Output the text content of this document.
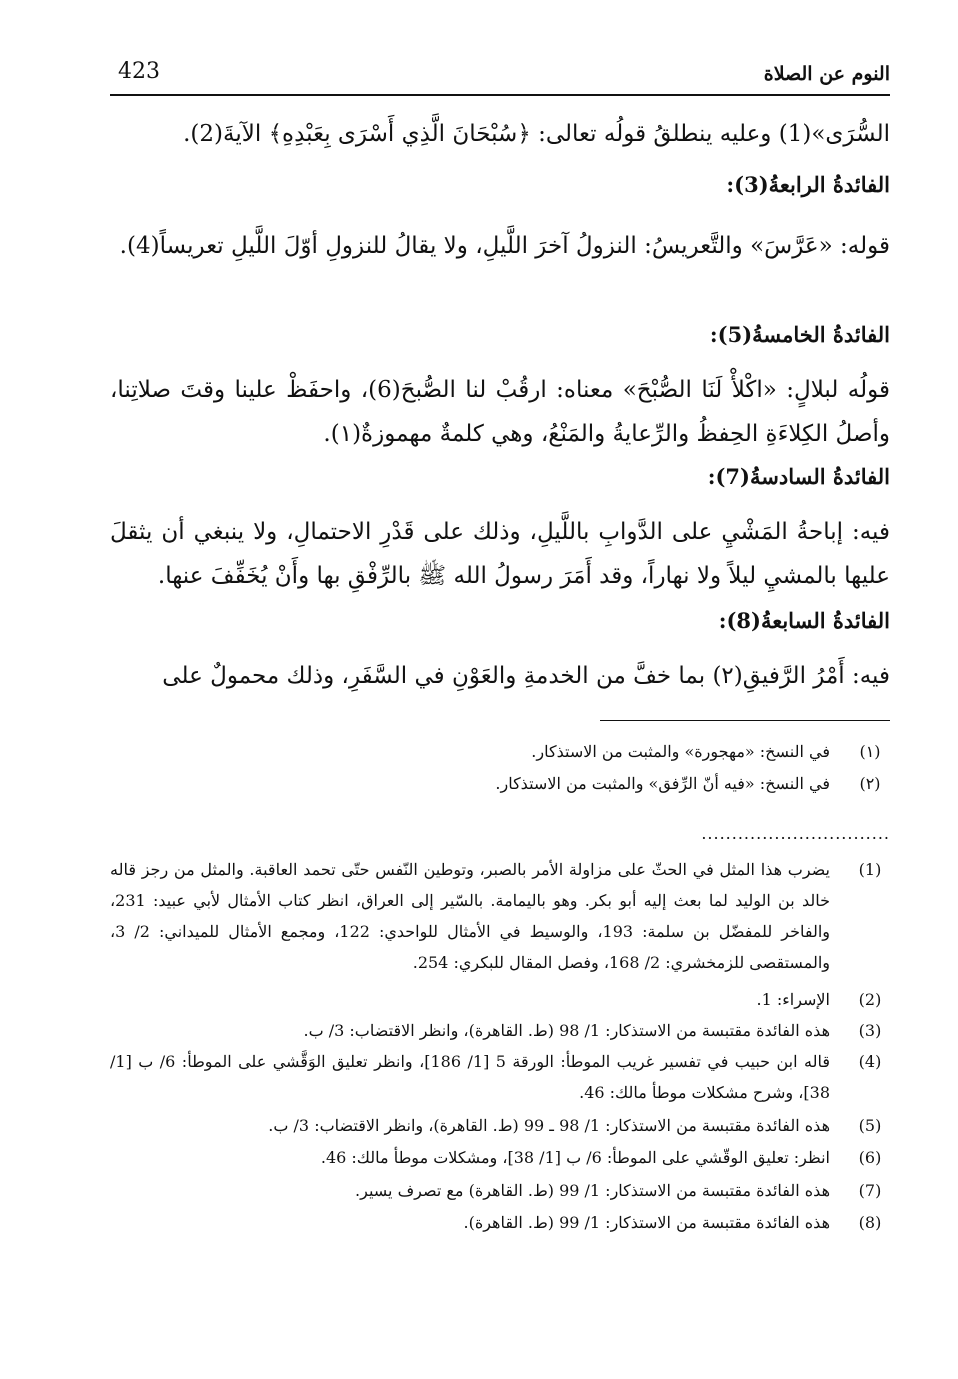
423	النوم عن الصلاة
السُّرَى»(1) وعليه ينطلقُ قولُه تعالى: ﴿سُبْحَانَ الَّذِي أَسْرَى بِعَبْدِهِ﴾ الآيةَ(2).
الفائدةُ الرابعةُ(3):
قوله: «عَرَّسَ» والتَّعريسُ: النزولُ آخرَ اللَّيلِ، ولا يقالُ للنزولِ أوّلَ اللَّيلِ تعريساً(4).
الفائدةُ الخامسةُ(5):
قولُه لبلالٍ: «اكْلأْ لَنَا الصُّبْحَ» معناه: ارقُبْ لنا الصُّبحَ(6)، واحفَظْ علينا وقتَ صلاتِنا، وأصلُ الكِلاءَةِ الحِفظُ والرِّعايةُ والمَنْعُ، وهي كلمةٌ مهموزةٌ(١).
الفائدةُ السادسةُ(7):
فيه: إباحةُ المَشْيِ على الدَّوابِ باللَّيلِ، وذلك على قَدْرِ الاحتمالِ، ولا ينبغي أن يثقلَ عليها بالمشيِ ليلاً ولا نهاراً، وقد أَمَرَ رسولُ الله ﷺ بالرِّفْقِ بها وأَنْ يُخَفِّفَ عنها.
الفائدةُ السابعةُ(8):
فيه: أَمْرُ الرَّفيقِ(٢) بما خفَّ من الخدمةِ والعَوْنِ في السَّفَرِ، وذلك محمولٌ على
(١)
في النسخ: «مهجورة» والمثبت من الاستذكار.
(٢)
في النسخ: «فيه أنّ الرِّفق» والمثبت من الاستذكار.
...............................
(1)
يضرب هذا المثل في الحثّ على مزاولة الأمر بالصبر، وتوطين النّفس حتّى تحمد العاقبة. والمثل من رجز قاله خالد بن الوليد لما بعث إليه أبو بكر. وهو باليمامة. بالسّير إلى العراق، انظر كتاب الأمثال لأبي عبيد: 231، والفاخر للمفضّل بن سلمة: 193، والوسيط في الأمثال للواحدي: 122، ومجمع الأمثال للميداني: 2/ 3، والمستقصى للزمخشري: 2/ 168، وفصل المقال للبكري: 254.
(2)
الإسراء: 1.
(3)
هذه الفائدة مقتبسة من الاستذكار: 1/ 98 (ط. القاهرة)، وانظر الاقتضاب: 3/ ب.
(4)
قاله ابن حبيب في تفسير غريب الموطأ: الورقة 5 [1/ 186]، وانظر تعليق الوَقَّشي على الموطأ: 6/ ب [1/ 38]، وشرح مشكلات موطأ مالك: 46.
(5)
هذه الفائدة مقتبسة من الاستذكار: 1/ 98 ـ 99 (ط. القاهرة)، وانظر الاقتضاب: 3/ ب.
(6)
انظر: تعليق الوقّشي على الموطأ: 6/ ب [1/ 38]، ومشكلات موطأ مالك: 46.
(7)
هذه الفائدة مقتبسة من الاستذكار: 1/ 99 (ط. القاهرة) مع تصرف يسير.
(8)
هذه الفائدة مقتبسة من الاستذكار: 1/ 99 (ط. القاهرة).
